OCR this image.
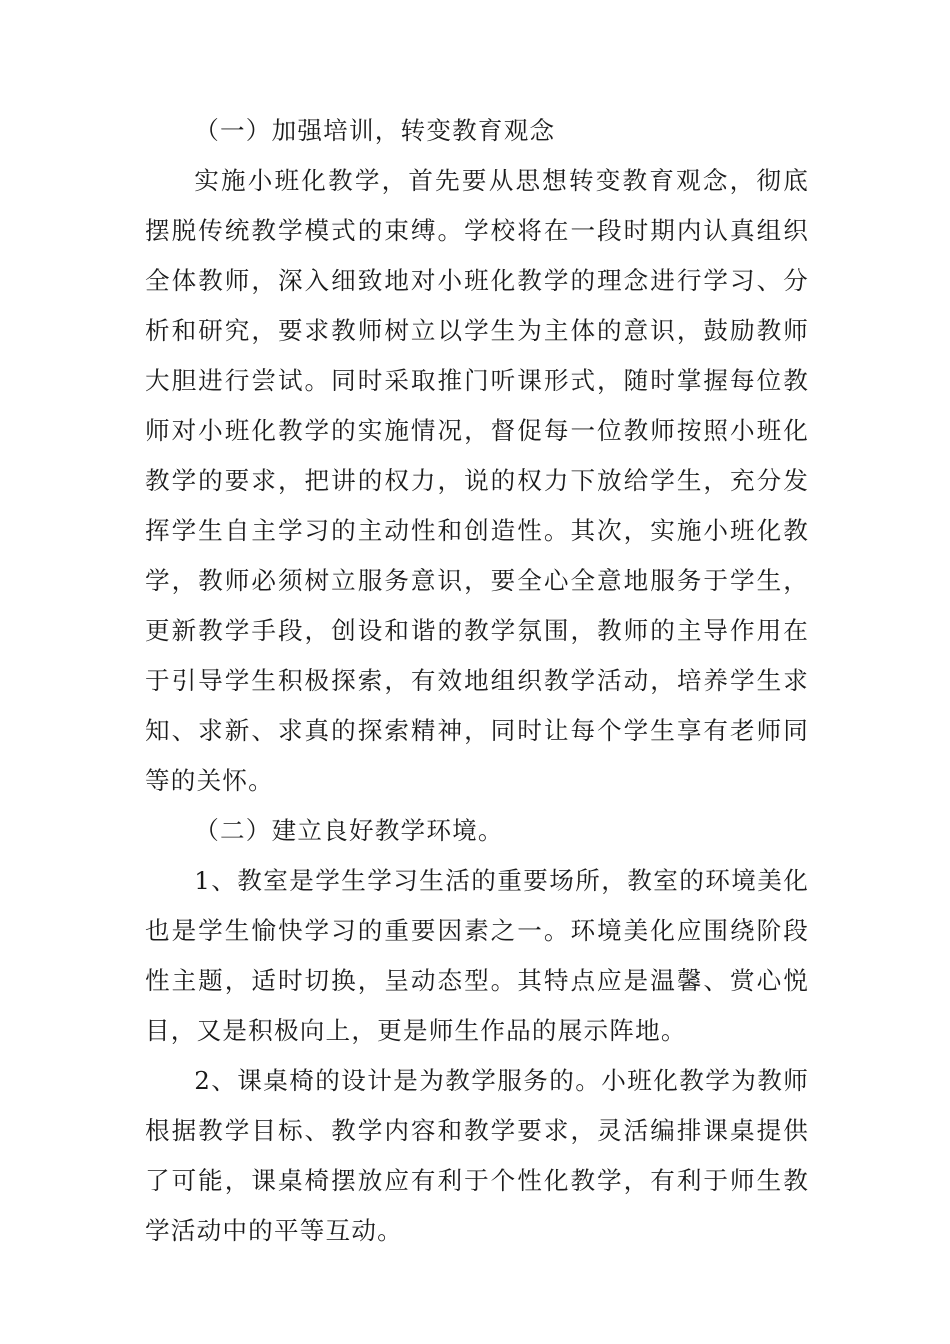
（一）加强培训，转变教育观念

实施小班化教学，首先要从思想转变教育观念，彻底摆脱传统教学模式的束缚。学校将在一段时期内认真组织全体教师，深入细致地对小班化教学的理念进行学习、分析和研究，要求教师树立以学生为主体的意识，鼓励教师大胆进行尝试。同时采取推门听课形式，随时掌握每位教师对小班化教学的实施情况，督促每一位教师按照小班化教学的要求，把讲的权力，说的权力下放给学生，充分发挥学生自主学习的主动性和创造性。其次，实施小班化教学，教师必须树立服务意识，要全心全意地服务于学生，更新教学手段，创设和谐的教学氛围，教师的主导作用在于引导学生积极探索，有效地组织教学活动，培养学生求知、求新、求真的探索精神，同时让每个学生享有老师同等的关怀。

（二）建立良好教学环境。

1、教室是学生学习生活的重要场所，教室的环境美化也是学生愉快学习的重要因素之一。环境美化应围绕阶段性主题，适时切换，呈动态型。其特点应是温馨、赏心悦目，又是积极向上，更是师生作品的展示阵地。

2、课桌椅的设计是为教学服务的。小班化教学为教师根据教学目标、教学内容和教学要求，灵活编排课桌提供了可能，课桌椅摆放应有利于个性化教学，有利于师生教学活动中的平等互动。
